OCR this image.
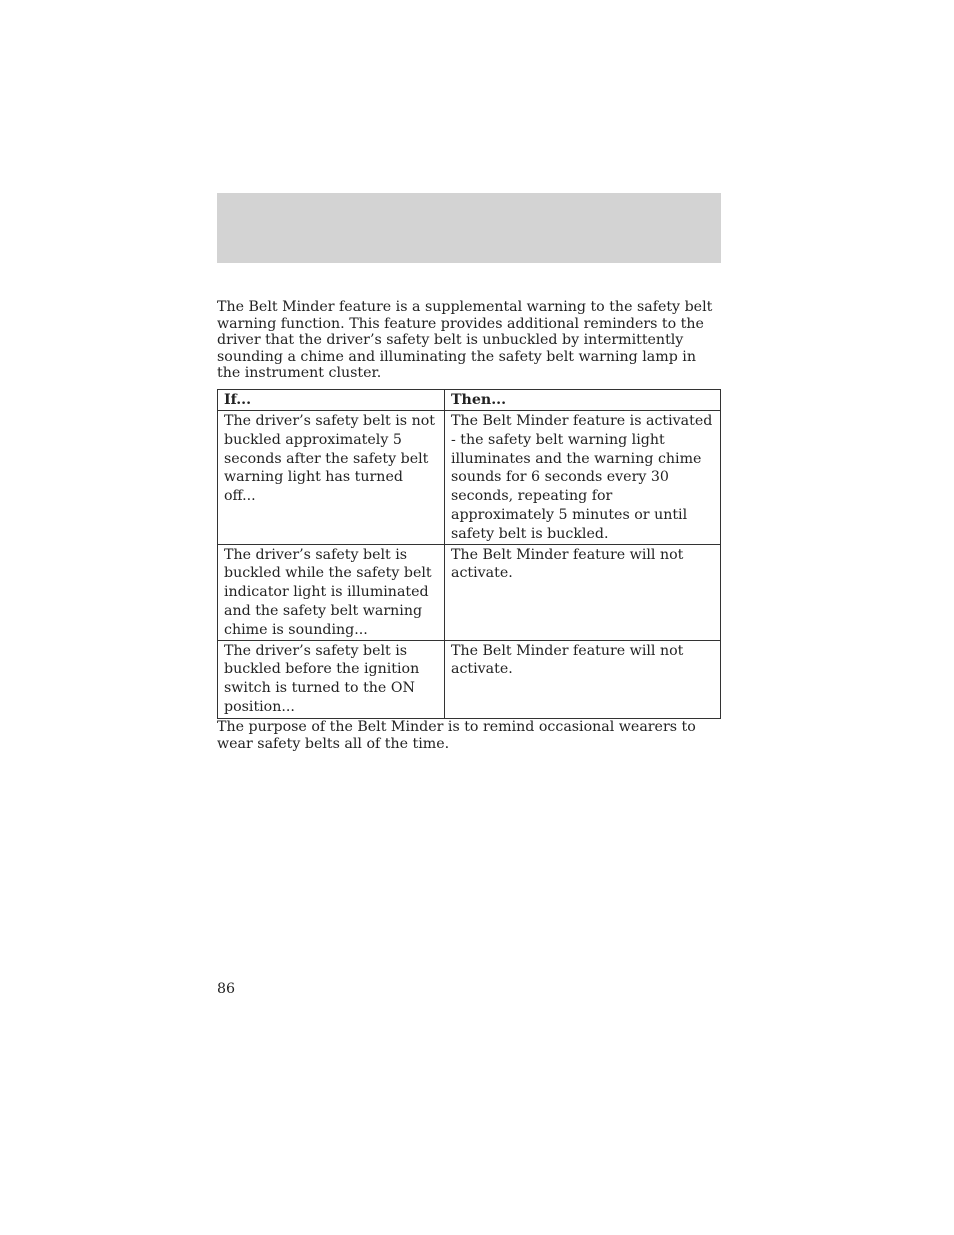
The Belt Minder feature is a supplemental warning to the safety belt warning function. This feature provides additional reminders to the driver that the driver’s safety belt is unbuckled by intermittently sounding a chime and illuminating the safety belt warning lamp in the instrument cluster.

If...	Then...
The driver’s safety belt is not buckled approximately 5 seconds after the safety belt warning light has turned off...	The Belt Minder feature is activated - the safety belt warning light illuminates and the warning chime sounds for 6 seconds every 30 seconds, repeating for approximately 5 minutes or until safety belt is buckled.
The driver’s safety belt is buckled while the safety belt indicator light is illuminated and the safety belt warning chime is sounding...	The Belt Minder feature will not activate.
The driver’s safety belt is buckled before the ignition switch is turned to the ON position...	The Belt Minder feature will not activate.

The purpose of the Belt Minder is to remind occasional wearers to wear safety belts all of the time.

86
